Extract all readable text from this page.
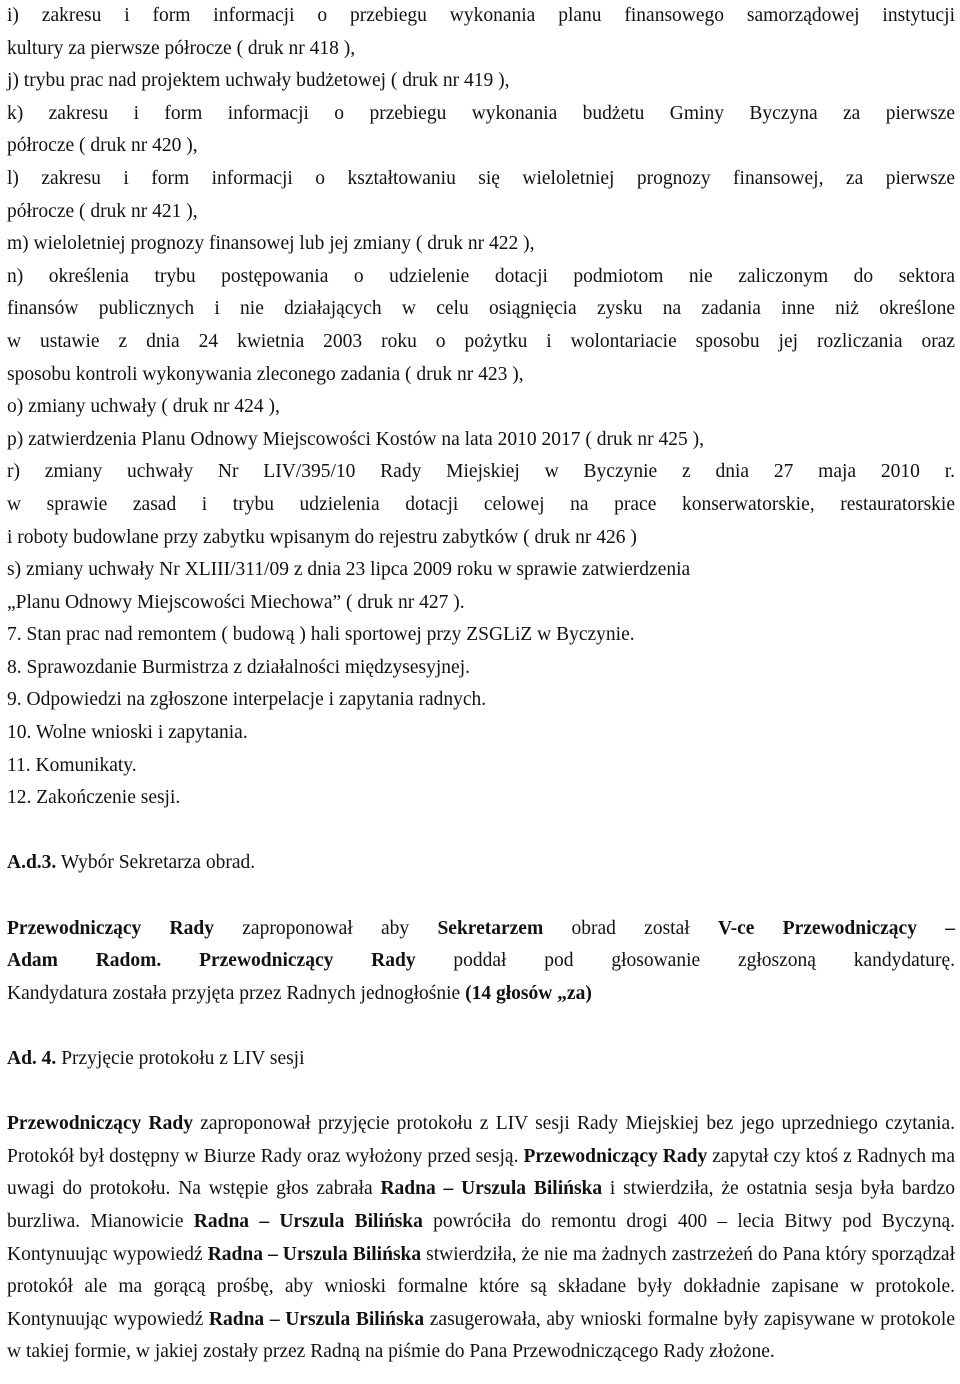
i) zakresu i form informacji o przebiegu wykonania planu finansowego samorządowej instytucji

kultury za pierwsze półrocze ( druk nr 418 ),

j) trybu prac nad projektem uchwały budżetowej ( druk nr 419 ),

k) zakresu i form informacji o przebiegu wykonania budżetu Gminy Byczyna za pierwsze

półrocze ( druk nr 420 ),

l) zakresu i form informacji o kształtowaniu się wieloletniej prognozy finansowej, za pierwsze

półrocze ( druk nr 421 ),

m) wieloletniej prognozy finansowej lub jej zmiany ( druk nr 422 ),

n) określenia trybu postępowania o udzielenie dotacji podmiotom nie zaliczonym do sektora

finansów publicznych i nie działających w celu osiągnięcia zysku na zadania inne niż określone

w ustawie z dnia 24 kwietnia 2003 roku o pożytku i wolontariacie sposobu jej rozliczania oraz

sposobu kontroli wykonywania zleconego zadania ( druk nr 423 ),

o) zmiany uchwały ( druk nr 424 ),

p) zatwierdzenia Planu Odnowy Miejscowości Kostów na lata 2010 2017 ( druk nr 425 ),

r) zmiany uchwały Nr LIV/395/10 Rady Miejskiej w Byczynie z dnia 27 maja 2010 r.

w sprawie zasad i trybu udzielenia dotacji celowej na prace konserwatorskie, restauratorskie

i roboty budowlane przy zabytku wpisanym do rejestru zabytków ( druk nr 426 )

s) zmiany uchwały Nr XLIII/311/09 z dnia 23 lipca 2009 roku w sprawie zatwierdzenia

„Planu Odnowy Miejscowości Miechowa” ( druk nr 427 ).

7. Stan prac nad remontem ( budową ) hali sportowej przy ZSGLiZ w Byczynie.

8. Sprawozdanie Burmistrza z działalności międzysesyjnej.

9. Odpowiedzi na zgłoszone interpelacje i zapytania radnych.

10. Wolne wnioski i zapytania.

11. Komunikaty.

12. Zakończenie sesji.

A.d.3. Wybór Sekretarza obrad.

Przewodniczący Rady zaproponował aby Sekretarzem obrad został V-ce Przewodniczący –

Adam Radom. Przewodniczący Rady poddał pod głosowanie zgłoszoną kandydaturę.

Kandydatura została przyjęta przez Radnych jednogłośnie (14 głosów „za)

Ad. 4. Przyjęcie protokołu z LIV sesji

Przewodniczący Rady zaproponował przyjęcie protokołu z LIV sesji Rady Miejskiej bez jego uprzedniego czytania. Protokół był dostępny w Biurze Rady oraz wyłożony przed sesją. Przewodniczący Rady zapytał czy ktoś z Radnych ma uwagi do protokołu. Na wstępie głos zabrała Radna – Urszula Bilińska i stwierdziła, że ostatnia sesja była bardzo burzliwa. Mianowicie Radna – Urszula Bilińska powróciła do remontu drogi 400 – lecia Bitwy pod Byczyną. Kontynuując wypowiedź Radna – Urszula Bilińska stwierdziła, że nie ma żadnych zastrzeżeń do Pana który sporządzał protokół ale ma gorącą prośbę, aby wnioski formalne które są składane były dokładnie zapisane w protokole. Kontynuując wypowiedź Radna – Urszula Bilińska zasugerowała, aby wnioski formalne były zapisywane w protokole w takiej formie, w jakiej zostały przez Radną na piśmie do Pana Przewodniczącego Rady złożone.
